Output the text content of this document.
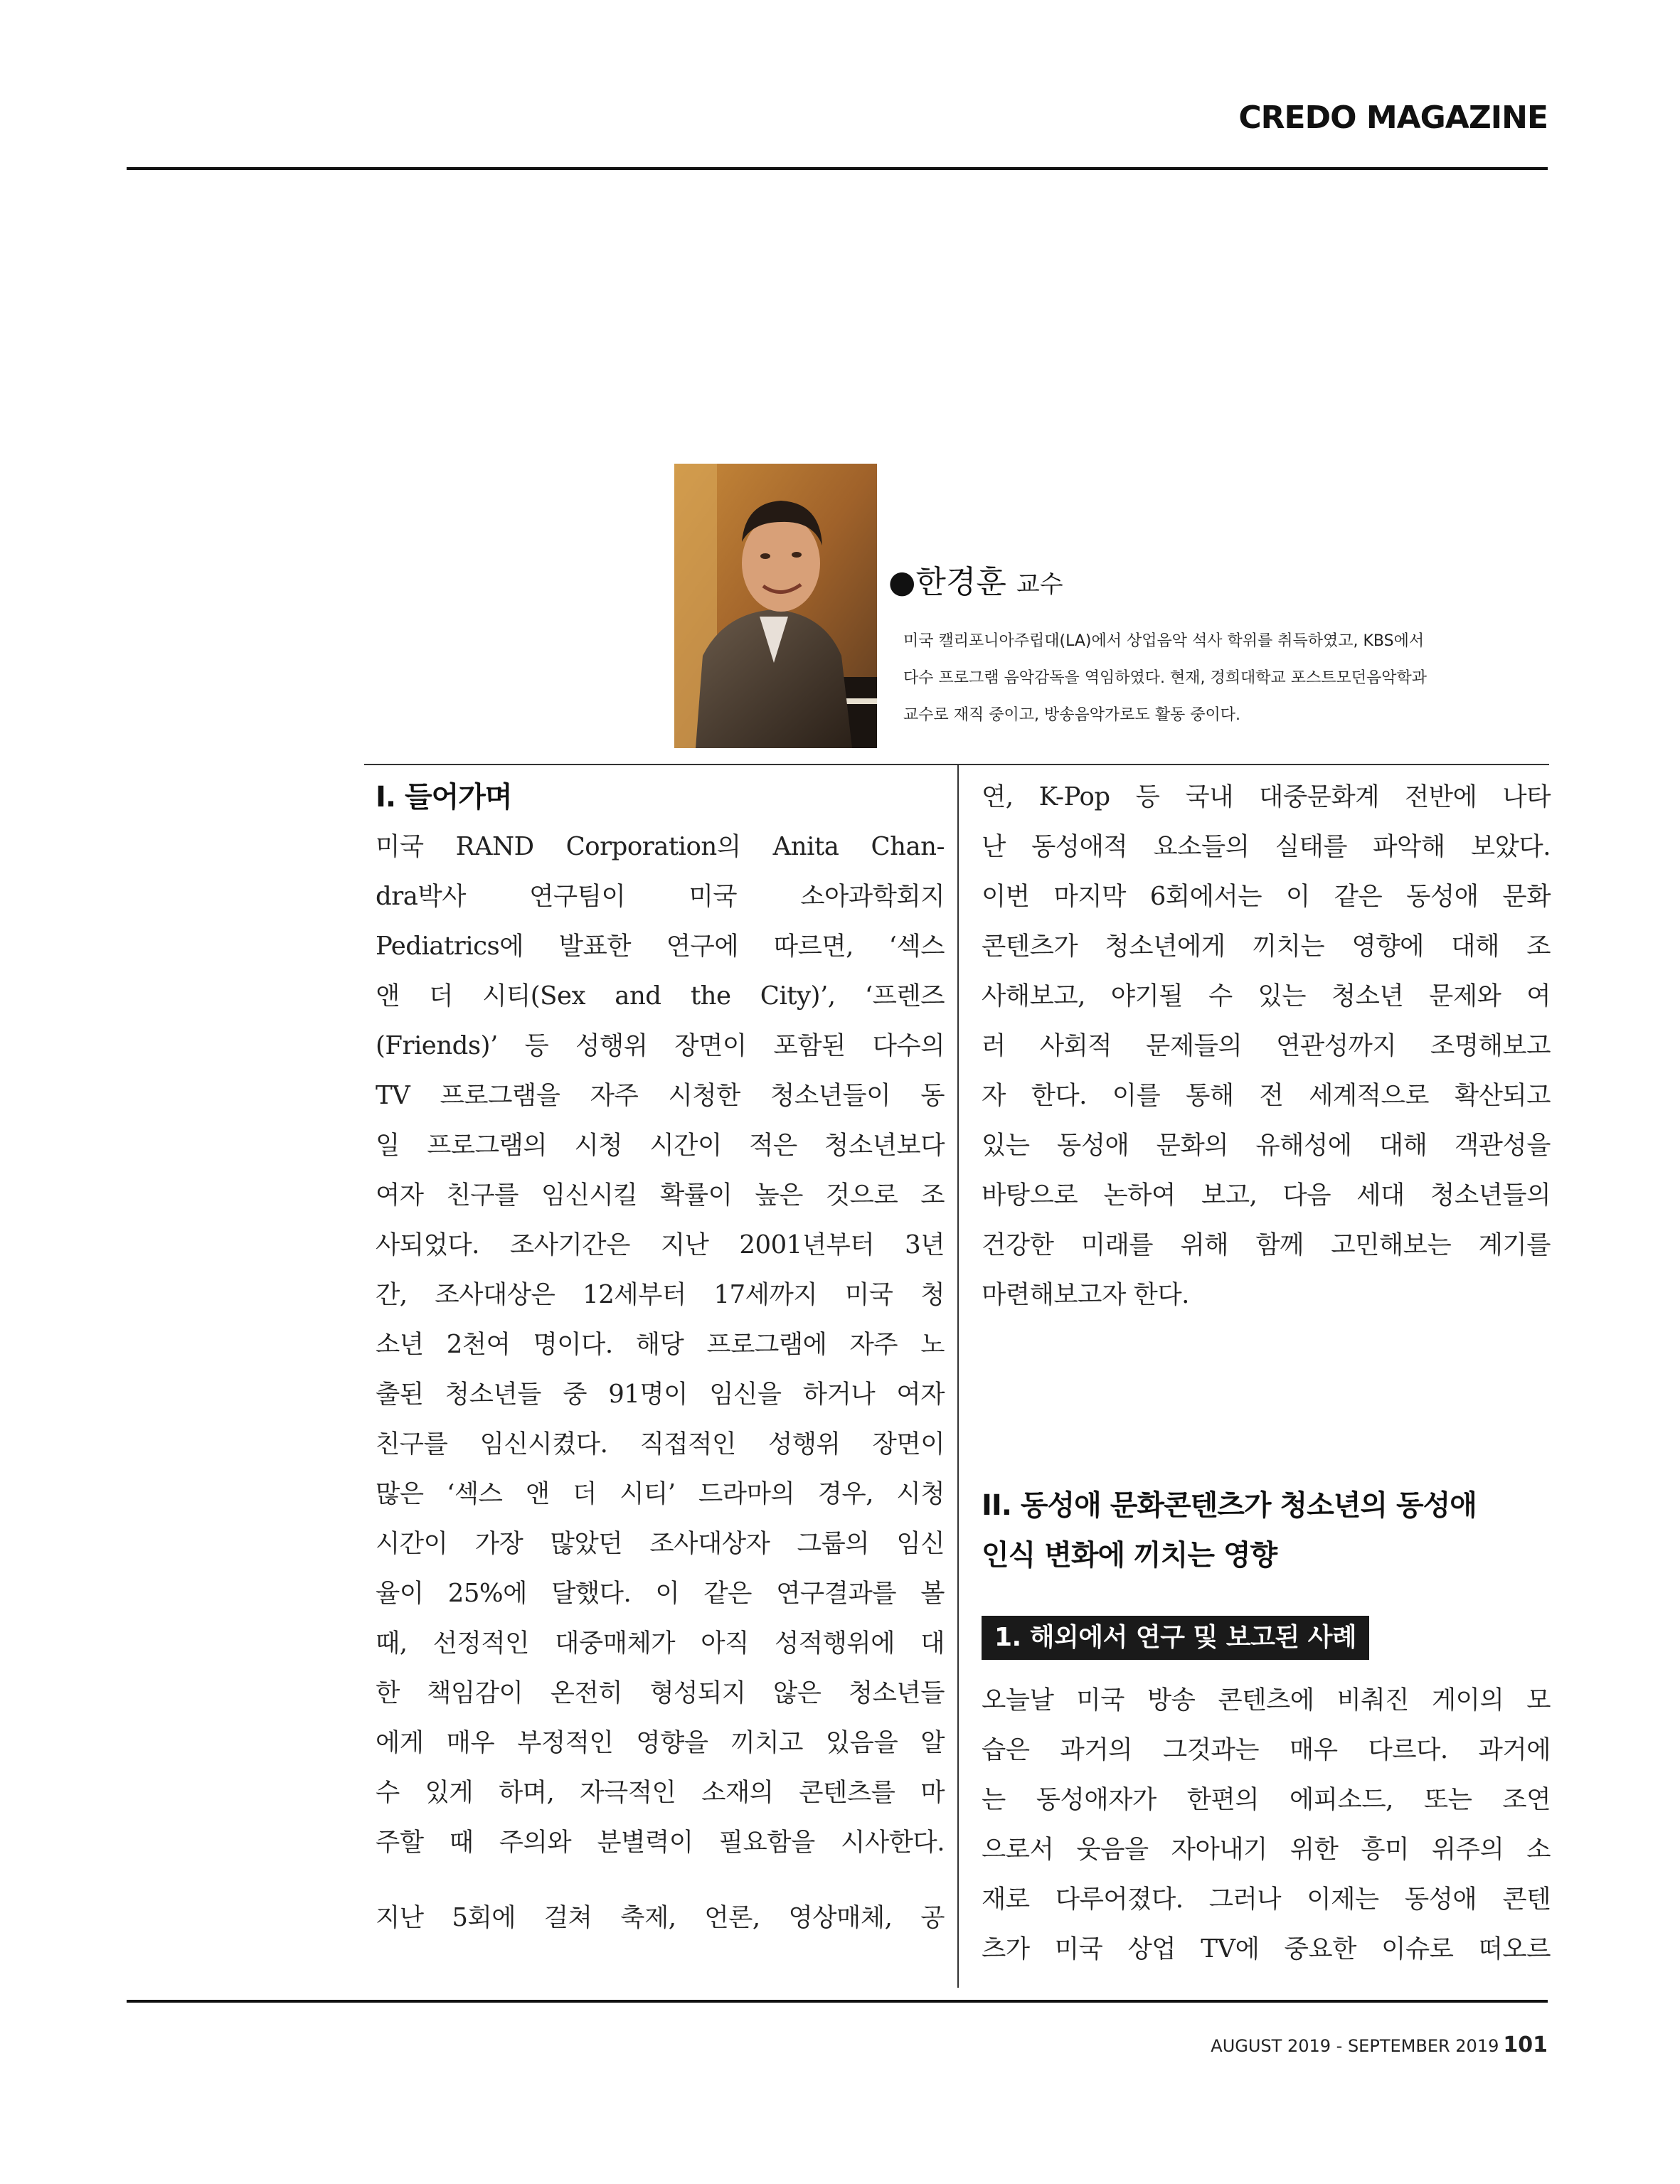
CREDO MAGAZINE
●한경훈 교수

미국 캘리포니아주립대(LA)에서 상업음악 석사 학위를 취득하였고, KBS에서

다수 프로그램 음악감독을 역임하였다. 현재, 경희대학교 포스트모던음악학과

교수로 재직 중이고, 방송음악가로도 활동 중이다.

I. 들어가며

미국 RAND Corporation의 Anita Chan-

dra박사 연구팀이 미국 소아과학회지

Pediatrics에 발표한 연구에 따르면, ‘섹스

앤 더 시티(Sex and the City)’, ‘프렌즈

(Friends)’ 등 성행위 장면이 포함된 다수의

TV 프로그램을 자주 시청한 청소년들이 동

일 프로그램의 시청 시간이 적은 청소년보다

여자 친구를 임신시킬 확률이 높은 것으로 조

사되었다. 조사기간은 지난 2001년부터 3년

간, 조사대상은 12세부터 17세까지 미국 청

소년 2천여 명이다. 해당 프로그램에 자주 노

출된 청소년들 중 91명이 임신을 하거나 여자

친구를 임신시켰다. 직접적인 성행위 장면이

많은 ‘섹스 앤 더 시티’ 드라마의 경우, 시청

시간이 가장 많았던 조사대상자 그룹의 임신

율이 25%에 달했다. 이 같은 연구결과를 볼

때, 선정적인 대중매체가 아직 성적행위에 대

한 책임감이 온전히 형성되지 않은 청소년들

에게 매우 부정적인 영향을 끼치고 있음을 알

수 있게 하며, 자극적인 소재의 콘텐츠를 마

주할 때 주의와 분별력이 필요함을 시사한다.

지난 5회에 걸쳐 축제, 언론, 영상매체, 공

연, K-Pop 등 국내 대중문화계 전반에 나타

난 동성애적 요소들의 실태를 파악해 보았다.

이번 마지막 6회에서는 이 같은 동성애 문화

콘텐츠가 청소년에게 끼치는 영향에 대해 조

사해보고, 야기될 수 있는 청소년 문제와 여

러 사회적 문제들의 연관성까지 조명해보고

자 한다. 이를 통해 전 세계적으로 확산되고

있는 동성애 문화의 유해성에 대해 객관성을

바탕으로 논하여 보고, 다음 세대 청소년들의

건강한 미래를 위해 함께 고민해보는 계기를

마련해보고자 한다.

II. 동성애 문화콘텐츠가 청소년의 동성애
인식 변화에 끼치는 영향
1. 해외에서 연구 및 보고된 사례

오늘날 미국 방송 콘텐츠에 비춰진 게이의 모

습은 과거의 그것과는 매우 다르다. 과거에

는 동성애자가 한편의 에피소드, 또는 조연

으로서 웃음을 자아내기 위한 흥미 위주의 소

재로 다루어졌다. 그러나 이제는 동성애 콘텐

츠가 미국 상업 TV에 중요한 이슈로 떠오르

AUGUST 2019 - SEPTEMBER 2019 101
